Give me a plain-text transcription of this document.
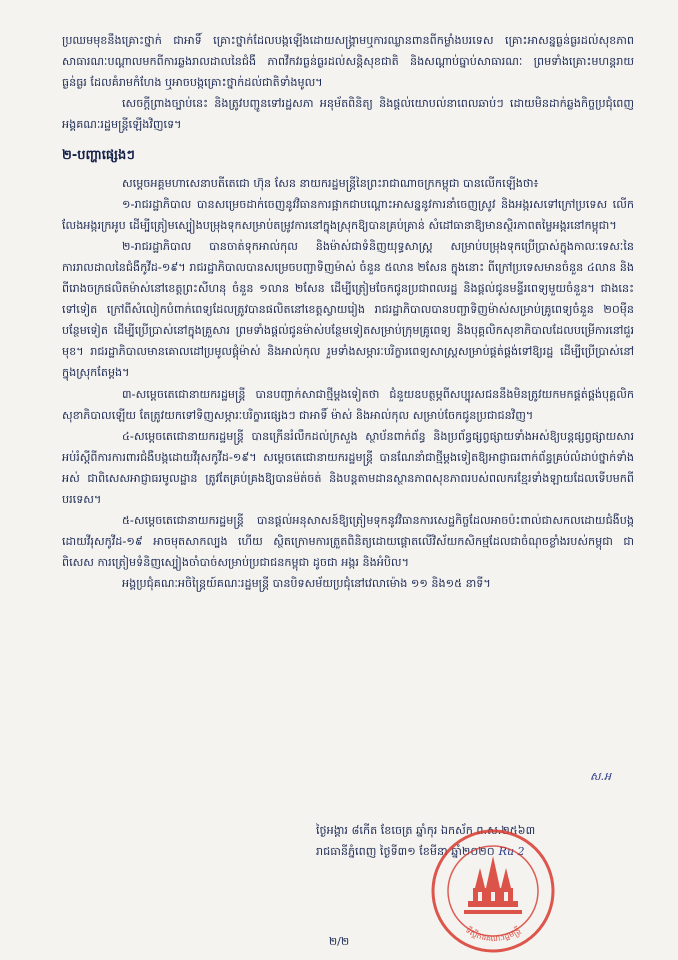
ប្រឈមមុខនឹងគ្រោះថ្នាក់ ជាអាទិ៍ គ្រោះថ្នាក់ដែលបង្កឡើងដោយសង្គ្រាមឬការឈ្លានពានពីកម្លាំងបរទេស គ្រោះអាសន្នធ្ងន់ធ្ងរដល់សុខភាពសាធារណៈបណ្តាលមកពីការឆ្លងរាលដាលនៃជំងឺ ភាពវឹកវរធ្ងន់ធ្ងរដល់សន្តិសុខជាតិ និងសណ្តាប់ធ្នាប់សាធារណៈ ព្រមទាំងគ្រោះមហន្តរាយធ្ងន់ធ្ងរ ដែលគំរាមកំហែង ឬអាចបង្កគ្រោះថ្នាក់ដល់ជាតិទាំងមូល។

សេចក្តីព្រាងច្បាប់នេះ និងត្រូវបញ្ជូនទៅរដ្ឋសភា អនុម័តពិនិត្យ និងផ្តល់យោបល់នាពេលឆាប់ៗ ដោយមិនដាក់ឆ្លងកិច្ចប្រជុំពេញអង្គគណៈរដ្ឋមន្ត្រីឡើងវិញទេ។

២-បញ្ហាផ្សេងៗ

សម្តេចអគ្គមហាសេនាបតីតេជោ ហ៊ុន សែន នាយករដ្ឋមន្ត្រីនៃព្រះរាជាណាចក្រកម្ពុជា បានលើកឡើងថា៖

១-រាជរដ្ឋាភិបាល បានសម្រេចដាក់ចេញនូវវិធានការផ្អាកជាបណ្តោះអាសន្ននូវការនាំចេញស្រូវ និងអង្ករសទៅក្រៅប្រទេស លើកលែងអង្ករក្រអូប ដើម្បីត្រៀមស្បៀងបម្រុងទុកសម្រាប់តម្រូវការនៅក្នុងស្រុកឱ្យបានគ្រប់គ្រាន់ សំដៅធានាឱ្យមានស្ថិរភាពតម្លៃអង្ករនៅកម្ពុជា។

២-រាជរដ្ឋាភិបាល បានចាត់ទុកអាល់កុល និងម៉ាស់ជាទំនិញយុទ្ធសាស្ត្រ សម្រាប់បម្រុងទុកប្រើប្រាស់ក្នុងកាលៈទេសៈនៃការរាលដាលនៃជំងឺកូវីដ-១៩។ រាជរដ្ឋាភិបាលបានសម្រេចបញ្ជាទិញម៉ាស់ ចំនួន ៥លាន ២សែន ក្នុងនោះ ពីក្រៅប្រទេសមានចំនួន ៤លាន និង ពីរោងចក្រផលិតម៉ាស់នៅខេត្តព្រះសីហនុ ចំនួន ១លាន ២សែន ដើម្បីត្រៀមចែកជូនប្រជាពលរដ្ឋ និងផ្តល់ជូនមន្ទីរពេទ្យមួយចំនួន។ ជាងនេះទៅទៀត ក្រៅពីសំលៀកបំពាក់ពេទ្យដែលត្រូវបានផលិតនៅខេត្តស្វាយរៀង រាជរដ្ឋាភិបាលបានបញ្ជាទិញម៉ាស់សម្រាប់គ្រូពេទ្យចំនួន ២០ម៉ឺនបន្ថែមទៀត ដើម្បីប្រើប្រាស់នៅក្នុងគ្រួសារ ព្រមទាំងផ្តល់ជូនម៉ាស់បន្ថែមទៀតសម្រាប់ក្រុមគ្រូពេទ្យ និងបុគ្គលិកសុខាភិបាលដែលបម្រើការនៅជួរមុខ។ រាជរដ្ឋាភិបាលមានគោលដៅប្រមូលផ្តុំម៉ាស់ និងអាល់កុល រួមទាំងសម្ភារៈបរិក្ខារពេទ្យសាស្ត្រសម្រាប់ផ្គត់ផ្គង់ទៅឱ្យរដ្ឋ ដើម្បីប្រើប្រាស់នៅក្នុងស្រុកតែម្តង។

៣-សម្តេចតេជោនាយករដ្ឋមន្ត្រី បានបញ្ជាក់សាជាថ្មីម្តងទៀតថា ជំនួយឧបត្ថម្ភពីសប្បុរសជននឹងមិនត្រូវយកមកផ្គត់ផ្គង់បុគ្គលិកសុខាភិបាលឡើយ តែត្រូវយកទៅទិញសម្ភារៈបរិក្ខារផ្សេងៗ ជាអាទិ៍ ម៉ាស់ និងអាល់កុល សម្រាប់ចែកជូនប្រជាជនវិញ។

៤-សម្តេចតេជោនាយករដ្ឋមន្ត្រី បានក្រើនរំលឹកដល់ក្រសួង ស្ថាប័នពាក់ព័ន្ធ និងប្រព័ន្ធផ្សព្វផ្សាយទាំងអស់ឱ្យបន្តផ្សព្វផ្សាយសារអប់រំស្តីពីការការពារជំងឺបង្កដោយវីរុសកូវីដ-១៩។ សម្តេចតេជោនាយករដ្ឋមន្ត្រី បានណែនាំជាថ្មីម្តងទៀតឱ្យអាជ្ញាធរពាក់ព័ន្ធគ្រប់លំដាប់ថ្នាក់ទាំងអស់ ជាពិសេសអាជ្ញាធរមូលដ្ឋាន ត្រូវតែគ្រប់គ្រងឱ្យបានម៉ត់ចត់ និងបន្តតាមដានស្ថានភាពសុខភាពរបស់ពលករខ្មែរទាំងឡាយដែលទើបមកពីបរទេស។

៥-សម្តេចតេជោនាយករដ្ឋមន្ត្រី បានផ្តល់អនុសាសន៍ឱ្យត្រៀមទុកនូវវិធានការសេដ្ឋកិច្ចដែលអាចប៉ះពាល់ជាសកលដោយជំងឺបង្កដោយវីរុសកូវីដ-១៩ អាចមុតសាកល្បង ហើយ ស្ថិតក្រោមការត្រួតពិនិត្យដោយផ្តោតលើវិស័យកសិកម្មដែលជាចំណុចខ្លាំងរបស់កម្ពុជា ជាពិសេស ការត្រៀមទំនិញស្បៀងចាំបាច់សម្រាប់ប្រជាជនកម្ពុជា ដូចជា អង្ករ និងអំបិល។

អង្គប្រជុំគណៈអចិន្ត្រៃយ៍គណៈរដ្ឋមន្ត្រី បានបិទសម័យប្រជុំនៅវេលាម៉ោង ១១ និង១៥ នាទី។

ស.អ

ថ្ងៃអង្គារ ៨កើត ខែចេត្រ ឆ្នាំកុរ ឯកស័ក ព.ស.២៥៦៣

រាជធានីភ្នំពេញ ថ្ងៃទី៣១ ខែមីនា ឆ្នាំ២០២០ Ru 2

ទីស្តីការគណៈរដ្ឋមន្ត្រី
២/២
